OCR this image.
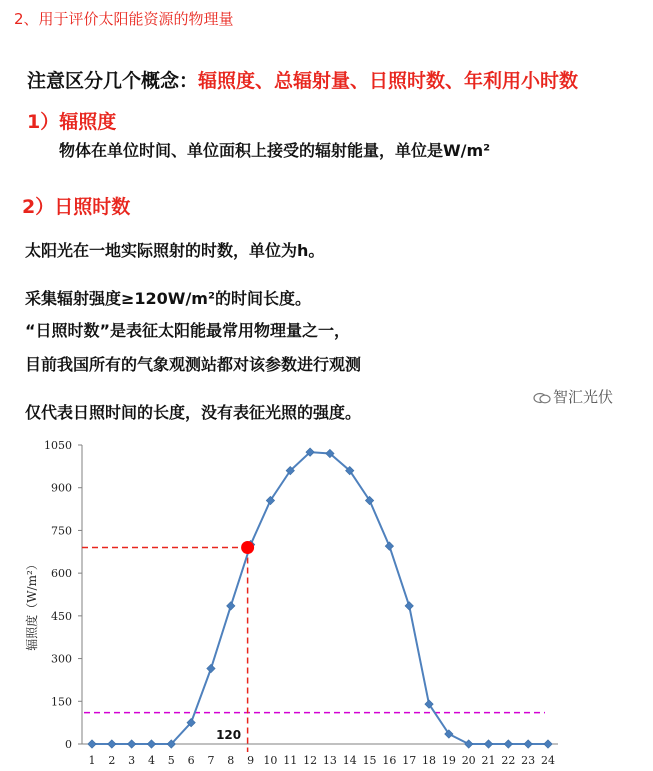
2、用于评价太阳能资源的物理量
注意区分几个概念：辐照度、总辐射量、日照时数、年利用小时数
1）辐照度
物体在单位时间、单位面积上接受的辐射能量，单位是W/m²
2）日照时数
太阳光在一地实际照射的时数，单位为h。
采集辐射强度≥120W/m²的时间长度。
“日照时数”是表征太阳能最常用物理量之一，
目前我国所有的气象观测站都对该参数进行观测
仅代表日照时间的长度，没有表征光照的强度。
智汇光伏
0
150
300
450
600
750
900
1050
1 2 3 4 5 6 7 8 9 10 11 12 13 14 15 16 17 18 19 20 21 22 23 24
辐照度（W/m²）
120
